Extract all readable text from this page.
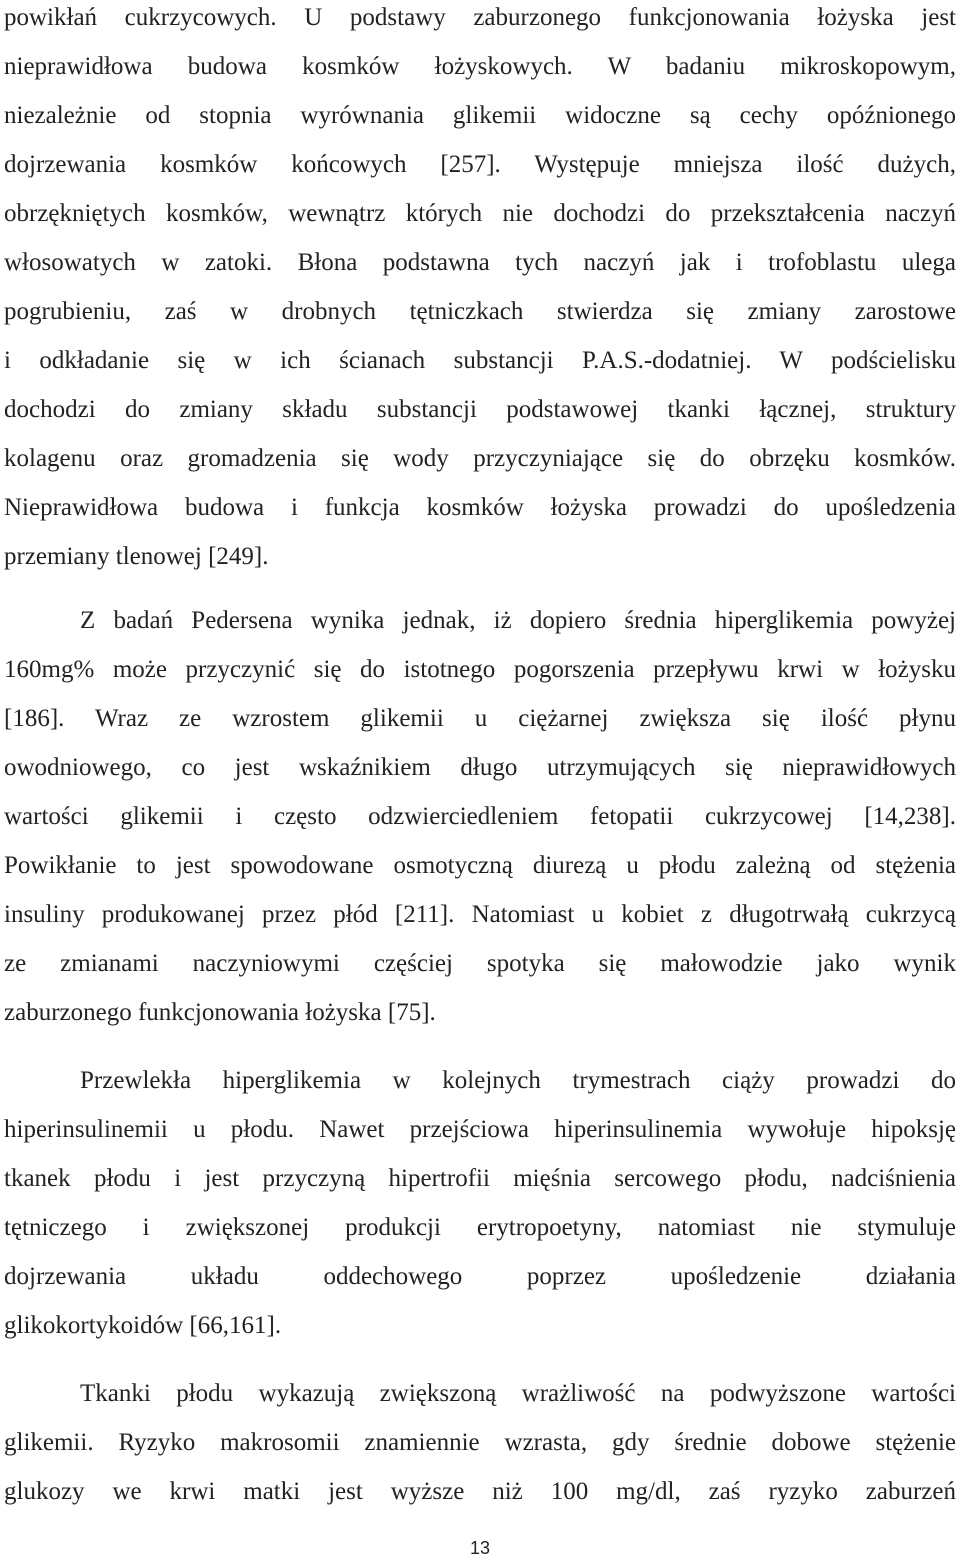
powikłań cukrzycowych. U podstawy zaburzonego funkcjonowania łożyska jest
nieprawidłowa budowa kosmków łożyskowych. W badaniu mikroskopowym,
niezależnie od stopnia wyrównania glikemii widoczne są cechy opóźnionego
dojrzewania kosmków końcowych [257]. Występuje mniejsza ilość dużych,
obrzękniętych kosmków, wewnątrz których nie dochodzi do przekształcenia naczyń
włosowatych w zatoki. Błona podstawna tych naczyń jak i trofoblastu ulega
pogrubieniu, zaś w drobnych tętniczkach stwierdza się zmiany zarostowe
i odkładanie się w ich ścianach substancji P.A.S.-dodatniej. W podścielisku
dochodzi do zmiany składu substancji podstawowej tkanki łącznej, struktury
kolagenu oraz gromadzenia się wody przyczyniające się do obrzęku kosmków.
Nieprawidłowa budowa i funkcja kosmków łożyska prowadzi do upośledzenia
przemiany tlenowej [249].
Z badań Pedersena wynika jednak, iż dopiero średnia hiperglikemia powyżej
160mg% może przyczynić się do istotnego pogorszenia przepływu krwi w łożysku
[186]. Wraz ze wzrostem glikemii u ciężarnej zwiększa się ilość płynu
owodniowego, co jest wskaźnikiem długo utrzymujących się nieprawidłowych
wartości glikemii i często odzwierciedleniem fetopatii cukrzycowej [14,238].
Powikłanie to jest spowodowane osmotyczną diurezą u płodu zależną od stężenia
insuliny produkowanej przez płód [211]. Natomiast u kobiet z długotrwałą cukrzycą
ze zmianami naczyniowymi częściej spotyka się małowodzie jako wynik
zaburzonego funkcjonowania łożyska [75].
Przewlekła hiperglikemia w kolejnych trymestrach ciąży prowadzi do
hiperinsulinemii u płodu. Nawet przejściowa hiperinsulinemia wywołuje hipoksję
tkanek płodu i jest przyczyną hipertrofii mięśnia sercowego płodu, nadciśnienia
tętniczego i zwiększonej produkcji erytropoetyny, natomiast nie stymuluje
dojrzewania układu oddechowego poprzez upośledzenie działania
glikokortykoidów [66,161].
Tkanki płodu wykazują zwiększoną wrażliwość na podwyższone wartości
glikemii. Ryzyko makrosomii znamiennie wzrasta, gdy średnie dobowe stężenie
glukozy we krwi matki jest wyższe niż 100 mg/dl, zaś ryzyko zaburzeń
13
